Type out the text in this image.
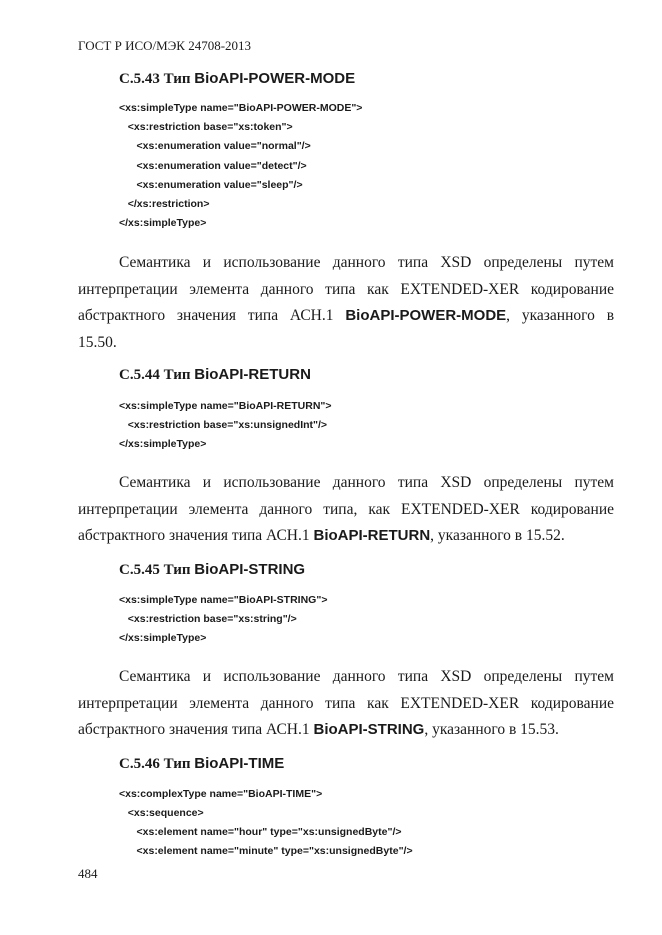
ГОСТ Р ИСО/МЭК 24708-2013
С.5.43 Тип BioAPI-POWER-MODE
<xs:simpleType name="BioAPI-POWER-MODE">
<xs:restriction base="xs:token">
<xs:enumeration value="normal"/>
<xs:enumeration value="detect"/>
<xs:enumeration value="sleep"/>
</xs:restriction>
</xs:simpleType>
Семантика и использование данного типа XSD определены путем
интерпретации элемента данного типа как EXTENDED-XER кодирование
абстрактного значения типа АСН.1 BioAPI-POWER-MODE, указанного в
15.50.
С.5.44 Тип BioAPI-RETURN
<xs:simpleType name="BioAPI-RETURN">
<xs:restriction base="xs:unsignedInt"/>
</xs:simpleType>
Семантика и использование данного типа XSD определены путем
интерпретации элемента данного типа, как EXTENDED-XER кодирование
абстрактного значения типа АСН.1 BioAPI-RETURN, указанного в 15.52.
С.5.45 Тип BioAPI-STRING
<xs:simpleType name="BioAPI-STRING">
<xs:restriction base="xs:string"/>
</xs:simpleType>
Семантика и использование данного типа XSD определены путем
интерпретации элемента данного типа как EXTENDED-XER кодирование
абстрактного значения типа АСН.1 BioAPI-STRING, указанного в 15.53.
С.5.46 Тип BioAPI-TIME
<xs:complexType name="BioAPI-TIME">
<xs:sequence>
<xs:element name="hour" type="xs:unsignedByte"/>
<xs:element name="minute" type="xs:unsignedByte"/>
484
